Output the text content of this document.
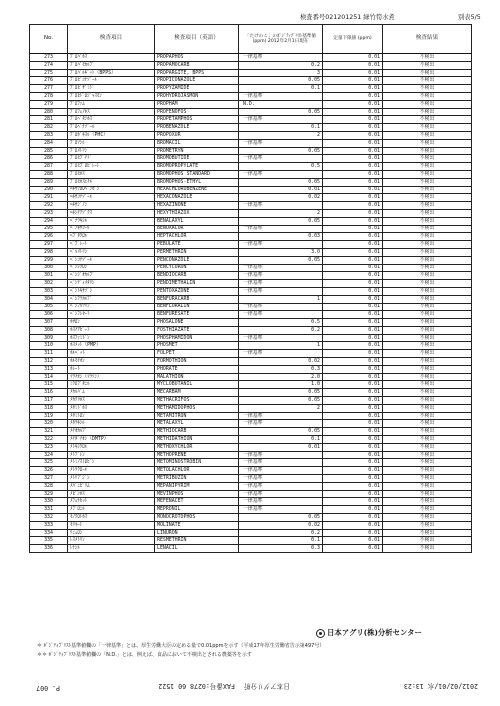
検査番号021201251 緑竹筍水煮	別表5/5
No.	検査項目	検査項目（英語）	「たけのこ」のﾎﾟｼﾞﾃｨﾌﾞﾘｽﾄ基準値(ppm) 2012年2月1日現在	定量下限値 (ppm)	検査結果
273	ﾌﾟﾛﾊﾟﾎｽ	PROPAPHOS	一律基準	0.01	不検出
274	ﾌﾟﾛﾊﾟﾓｶﾙﾌﾞ	PROPAMOCARB	0.2	0.01	不検出
275	ﾌﾟﾛﾊﾟﾙｷﾞｯﾄ（BPPS）	PROPARGITE, BPPS	3	0.01	不検出
276	ﾌﾟﾛﾋﾟｺﾅｿﾞｰﾙ	PROPICONAZOLE	0.05	0.01	不検出
277	ﾌﾟﾛﾋﾟｻﾞﾐﾄﾞ	PROPYZAMIDE	0.1	0.01	不検出
278	ﾌﾟﾛﾋﾄﾞﾛｼﾞｬｽﾓﾝ	PROHYDROJASMON	一律基準	0.01	不検出
279	ﾌﾟﾛﾌｧﾑ	PROPHAM	N.D.	0.01	不検出
280	ﾌﾟﾛﾌｪﾉﾎｽ	PROFENOFOS	0.05	0.01	不検出
281	ﾌﾟﾛﾍﾟﾀﾝﾎｽ	PROPETAMPHOS	一律基準	0.01	不検出
282	ﾌﾟﾛﾍﾞﾅｿﾞｰﾙ	PROBENAZOLE	0.1	0.01	不検出
283	ﾌﾟﾛﾎﾟｷｽﾙ（PHC）	PROPOXUR	2	0.01	不検出
284	ﾌﾞﾛﾏｼﾙ	BROMACIL	一律基準	0.01	不検出
285	ﾌﾟﾛﾒﾄﾘﾝ	PROMETRYN	0.05	0.01	不検出
286	ﾌﾞﾛﾓﾌﾞﾁﾄﾞ	BROMOBUTIDE	一律基準	0.01	不検出
287	ﾌﾞﾛﾓﾌﾟﾛﾋﾟﾚｰﾄ	BROMOPROPYLATE	0.5	0.01	不検出
288	ﾌﾞﾛﾓﾎｽ	BROMOPHOS STANDARD	一律基準	0.01	不検出
289	ﾌﾞﾛﾓﾎｽｴﾁﾙ	BROMOPHOS-ETHYL	0.05	0.01	不検出
290	ﾍｷｻｸﾛﾛﾍﾞﾝｾﾞﾝ	HEXACHLOROBENZENE	0.01	0.01	不検出
291	ﾍｷｻｺﾅｿﾞｰﾙ	HEXACONAZOLE	0.02	0.01	不検出
292	ﾍｷｻｼﾞﾉﾝ	HEXAZINONE	一律基準	0.01	不検出
293	ﾍｷｼﾁｱｿﾞｸｽ	HEXYTHIAZOX	2	0.01	不検出
294	ﾍﾞﾅﾗｷｼﾙ	BENALAXYL	0.05	0.01	不検出
295	ﾍﾞﾉｷｻｺｰﾙ	BENOXACOR	一律基準	0.01	不検出
296	ﾍﾌﾟﾀｸﾛﾙ	HEPTACHLOR	0.03	0.01	不検出
297	ﾍﾟﾌﾞﾚｰﾄ	PEBULATE	一律基準	0.01	不検出
298	ﾍﾟﾙﾒﾄﾘﾝ	PERMETHRIN	3.0	0.01	不検出
299	ﾍﾟﾝｺﾅｿﾞｰﾙ	PENCONAZOLE	0.05	0.01	不検出
300	ﾍﾟﾝｼｸﾛﾝ	PENCYCURON	一律基準	0.01	不検出
301	ﾍﾞﾝｼﾞｵｶﾙﾌﾞ	BENDIOCARB	一律基準	0.01	不検出
302	ﾍﾟﾝﾃﾞｨﾒﾀﾘﾝ	PENDIMETHALIN	一律基準	0.01	不検出
303	ﾍﾟﾝﾄｷｻｿﾞﾝ	PENTOXAZONE	一律基準	0.01	不検出
304	ﾍﾞﾝﾌﾗｶﾙﾌﾞ	BENFURACARB	1	0.01	不検出
305	ﾍﾞﾝﾌﾙﾗﾘﾝ	BENFLURALIN	一律基準	0.01	不検出
306	ﾍﾞﾝﾌﾚｾｰﾄ	BENFURESATE	一律基準	0.01	不検出
307	ﾎｻﾛﾝ	PHOSALONE	0.5	0.01	不検出
308	ﾎｽﾁｱｾﾞｰﾄ	FOSTHIAZATE	0.2	0.01	不検出
309	ﾎｽﾌｧﾐﾄﾞﾝ	PHOSPHAMIDON	一律基準	0.01	不検出
310	ﾎｽﾒｯﾄ（PMP）	PHOSMET	1	0.01	不検出
311	ﾎﾙﾍﾟｯﾄ	FOLPET	一律基準	0.01	不検出
312	ﾎﾙﾓﾁｵﾝ	FORMOTHION	0.02	0.01	不検出
313	ﾎﾚｰﾄ	PHORATE	0.3	0.01	不検出
314	ﾏﾗﾁｵﾝ（ﾏﾗｿﾝ）	MALATHION	2.0	0.01	不検出
315	ﾐｸﾛﾌﾞﾀﾆﾙ	MYCLOBUTANIL	1.0	0.01	不検出
316	ﾒｶﾙﾊﾞﾑ	MECARBAM	0.05	0.01	不検出
317	ﾒｶｸﾘﾎｽ	METHACRIFOS	0.05	0.01	不検出
318	ﾒﾀﾐﾄﾞﾎｽ	METHAMIDOPHOS	2	0.01	不検出
319	ﾒﾀﾐﾄﾛﾝ	METAMITRON	一律基準	0.01	不検出
320	ﾒﾀﾗｷｼﾙ	METALAXYL	一律基準	0.01	不検出
321	ﾒﾁｵｶﾙﾌﾞ	METHIOCARB	0.05	0.01	不検出
322	ﾒﾁﾀﾞﾁｵﾝ（DMTP）	METHIDATHION	0.1	0.01	不検出
323	ﾒﾄｷｼｸﾛﾙ	METHOXYCHLOR	0.01	0.01	不検出
324	ﾒﾄﾌﾟﾚﾝ	METHOPRENE	一律基準	0.01	不検出
325	ﾒﾄﾐﾉｽﾄﾛﾋﾞﾝ	METOMINOSTROBIN	一律基準	0.01	不検出
326	ﾒﾄﾗｸﾛｰﾙ	METOLACHLOR	一律基準	0.01	不検出
327	ﾒﾄﾘﾌﾞｼﾞﾝ	METRIBUZIN	一律基準	0.01	不検出
328	ﾒﾊﾟﾆﾋﾟﾘﾑ	MEPANIPYRIM	一律基準	0.01	不検出
329	ﾒﾋﾞﾝﾎｽ	MEVINPHOS	一律基準	0.01	不検出
330	ﾒﾌｪﾅｾｯﾄ	MEFENACET	一律基準	0.01	不検出
331	ﾒﾌﾟﾛﾆﾙ	MEPRONIL	一律基準	0.01	不検出
332	ﾓﾉｸﾛﾄﾎｽ	MONOCROTOPHOS	0.05	0.01	不検出
333	ﾓﾘﾈｰﾄ	MOLINATE	0.02	0.01	不検出
334	ﾘﾆｭﾛﾝ	LINURON	0.2	0.01	不検出
335	ﾚｽﾒﾄﾘﾝ	RESMETHRIN	0.1	0.01	不検出
336	ﾚﾅｼﾙ	LENACIL	0.3	0.01	不検出
日本アグリ(株)分析センター
＊ ﾎﾟｼﾞﾃｨﾌﾞﾘｽﾄ基準値欄の「一律基準」とは、厚生労働大臣の定める量で0.01ppmを示す（平成17年厚生労働省告示第497号）
＊＊ ﾎﾟｼﾞﾃｨﾌﾞﾘｽﾄ基準値欄の「N.D.」とは、例えば、食品において不検出とされる農薬等を示す
2012/02/01/水 13:23
日本アグリ分析
FAX番号:0278 60 1522
P. 007
